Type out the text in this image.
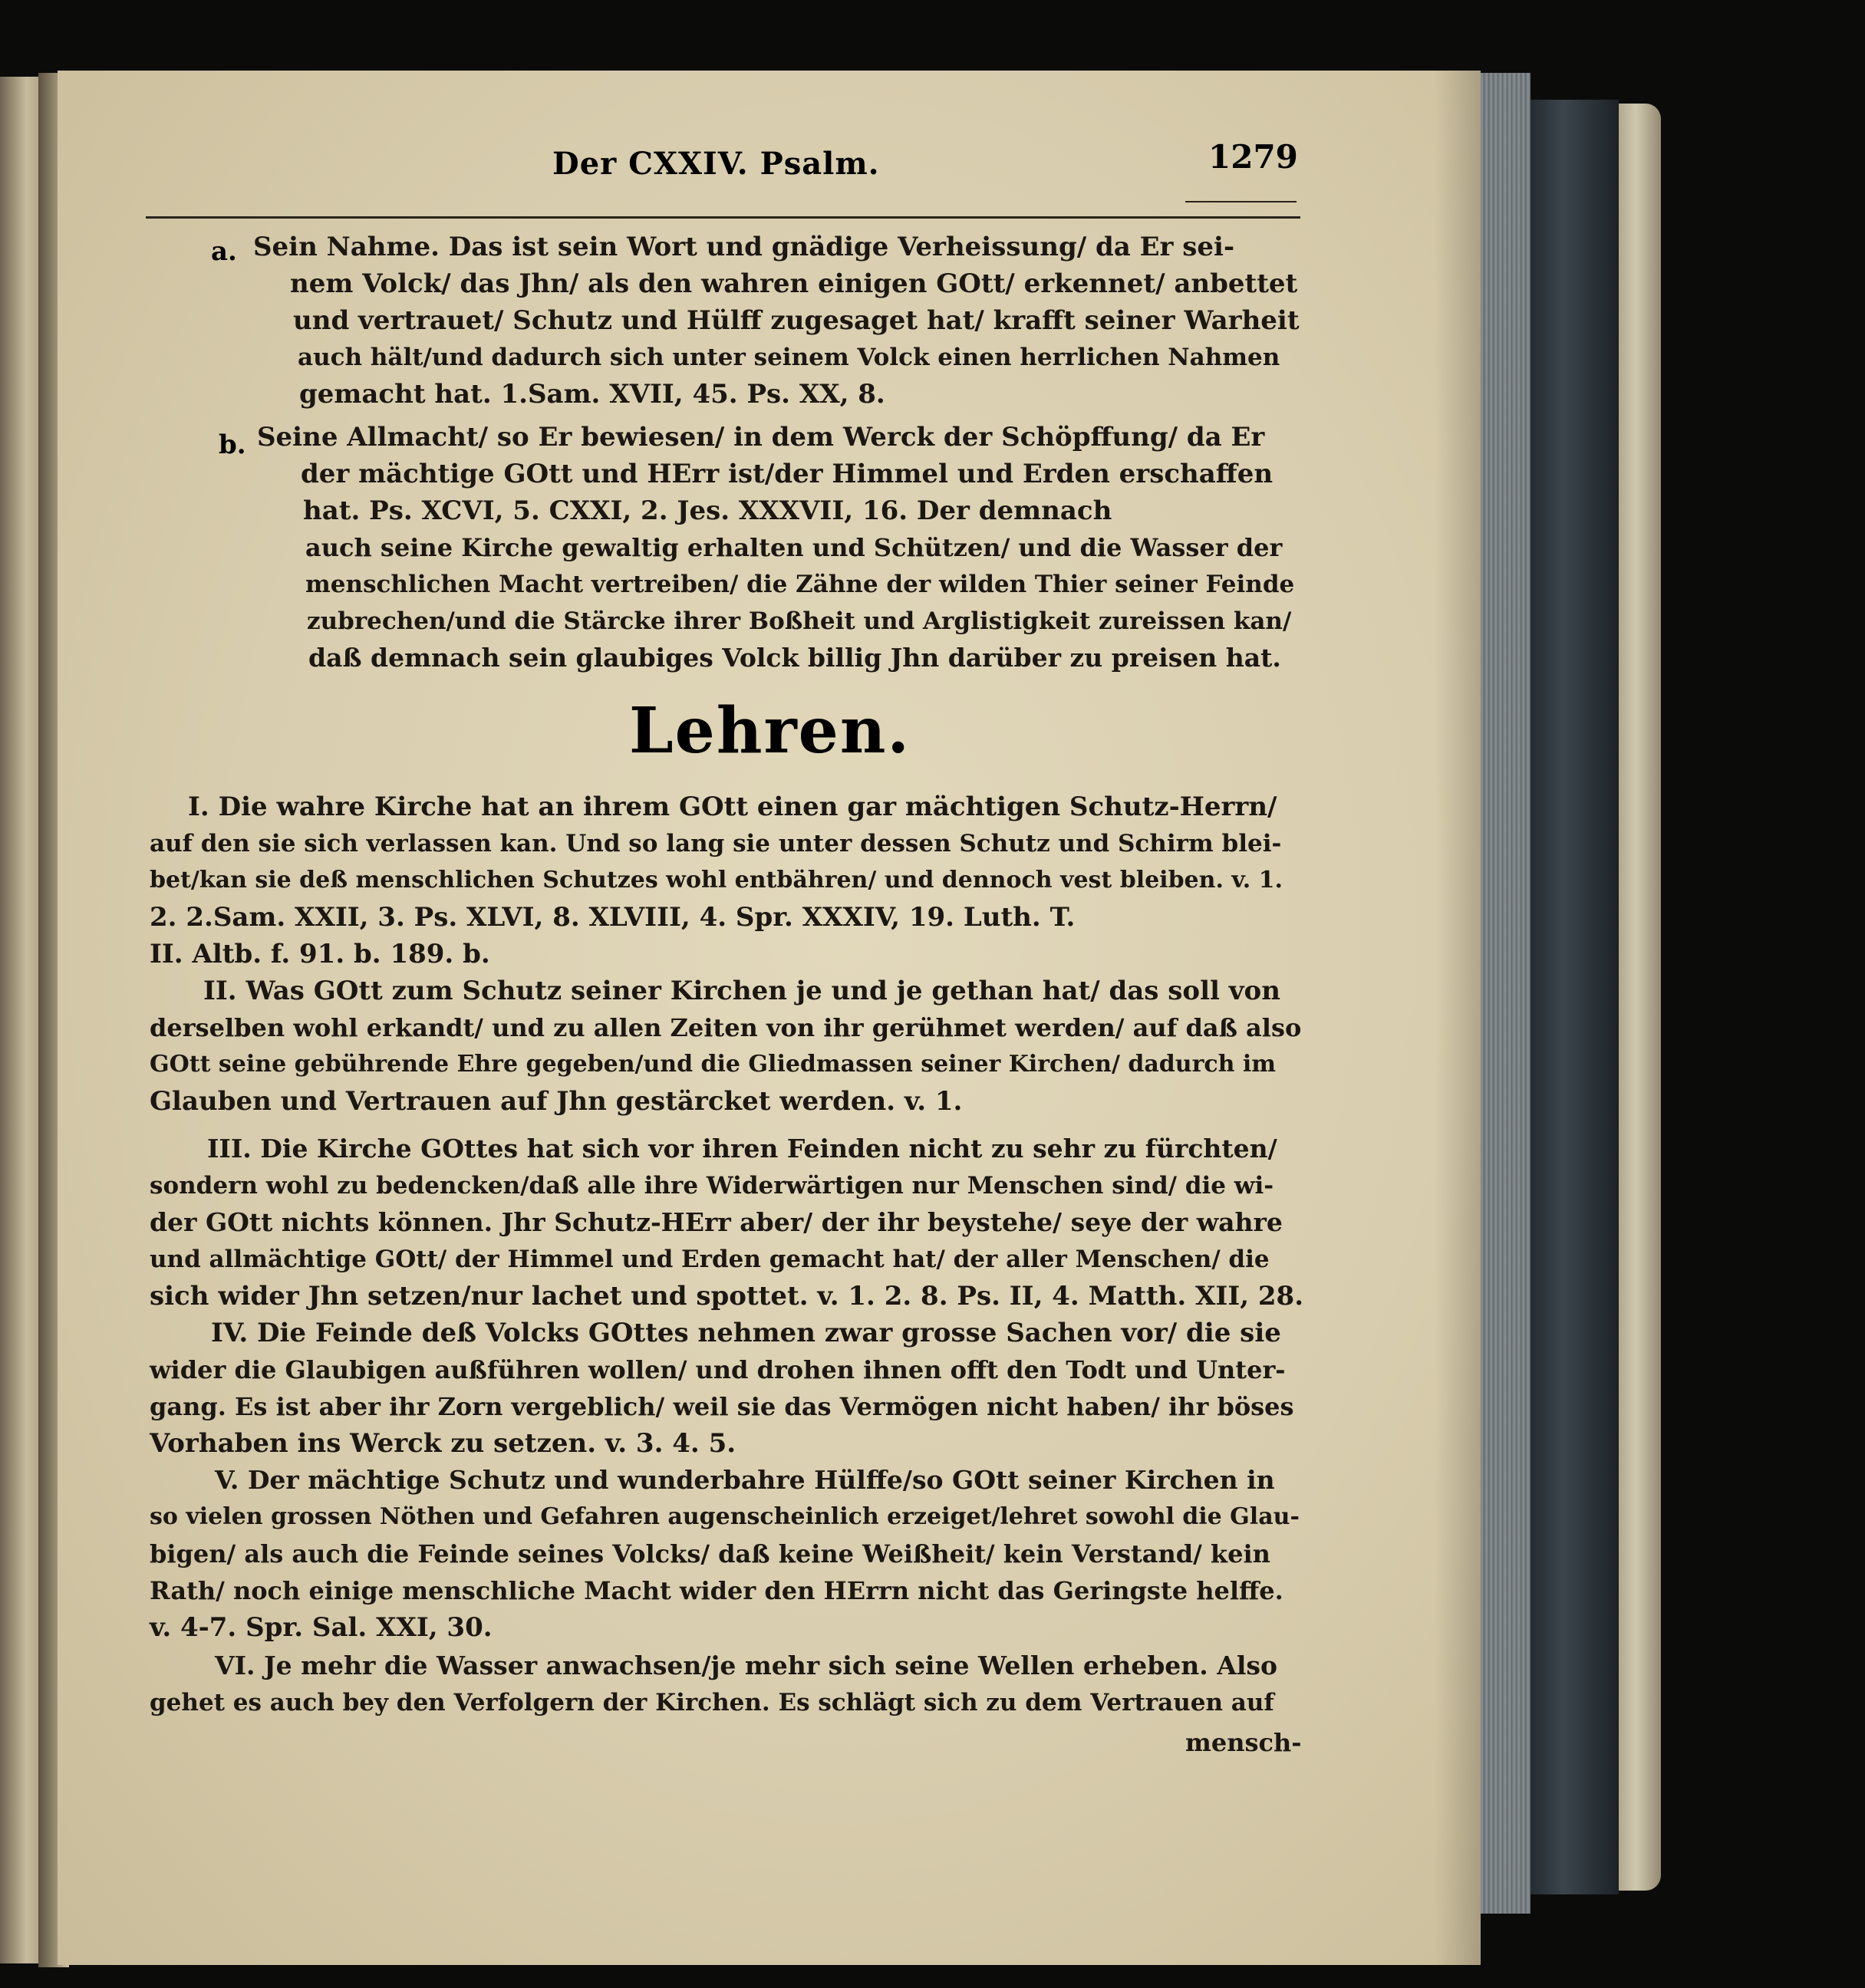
Der CXXIV. Psalm.	1279
a. Sein Nahme. Das ist sein Wort und gnädige Verheissung/ da Er sei-
nem Volck/ das Jhn/ als den wahren einigen GOtt/ erkennet/ anbettet
und vertrauet/ Schutz und Hülff zugesaget hat/ krafft seiner Warheit
auch hält/und dadurch sich unter seinem Volck einen herrlichen Nahmen
gemacht hat. 1.Sam. XVII, 45. Ps. XX, 8.
b. Seine Allmacht/ so Er bewiesen/ in dem Werck der Schöpffung/ da Er
der mächtige GOtt und HErr ist/der Himmel und Erden erschaffen
hat. Ps. XCVI, 5. CXXI, 2. Jes. XXXVII, 16. Der demnach
auch seine Kirche gewaltig erhalten und Schützen/ und die Wasser der
menschlichen Macht vertreiben/ die Zähne der wilden Thier seiner Feinde
zubrechen/und die Stärcke ihrer Boßheit und Arglistigkeit zureissen kan/
daß demnach sein glaubiges Volck billig Jhn darüber zu preisen hat.
Lehren.
I. Die wahre Kirche hat an ihrem GOtt einen gar mächtigen Schutz-Herrn/
auf den sie sich verlassen kan. Und so lang sie unter dessen Schutz und Schirm blei-
bet/kan sie deß menschlichen Schutzes wohl entbähren/ und dennoch vest bleiben. v. 1.
2. 2.Sam. XXII, 3. Ps. XLVI, 8. XLVIII, 4. Spr. XXXIV, 19. Luth. T.
II. Altb. f. 91. b. 189. b.
II. Was GOtt zum Schutz seiner Kirchen je und je gethan hat/ das soll von
derselben wohl erkandt/ und zu allen Zeiten von ihr gerühmet werden/ auf daß also
GOtt seine gebührende Ehre gegeben/und die Gliedmassen seiner Kirchen/ dadurch im
Glauben und Vertrauen auf Jhn gestärcket werden. v. 1.
III. Die Kirche GOttes hat sich vor ihren Feinden nicht zu sehr zu fürchten/
sondern wohl zu bedencken/daß alle ihre Widerwärtigen nur Menschen sind/ die wi-
der GOtt nichts können. Jhr Schutz-HErr aber/ der ihr beystehe/ seye der wahre
und allmächtige GOtt/ der Himmel und Erden gemacht hat/ der aller Menschen/ die
sich wider Jhn setzen/nur lachet und spottet. v. 1. 2. 8. Ps. II, 4. Matth. XII, 28.
IV. Die Feinde deß Volcks GOttes nehmen zwar grosse Sachen vor/ die sie
wider die Glaubigen außführen wollen/ und drohen ihnen offt den Todt und Unter-
gang. Es ist aber ihr Zorn vergeblich/ weil sie das Vermögen nicht haben/ ihr böses
Vorhaben ins Werck zu setzen. v. 3. 4. 5.
V. Der mächtige Schutz und wunderbahre Hülffe/so GOtt seiner Kirchen in
so vielen grossen Nöthen und Gefahren augenscheinlich erzeiget/lehret sowohl die Glau-
bigen/ als auch die Feinde seines Volcks/ daß keine Weißheit/ kein Verstand/ kein
Rath/ noch einige menschliche Macht wider den HErrn nicht das Geringste helffe.
v. 4-7. Spr. Sal. XXI, 30.
VI. Je mehr die Wasser anwachsen/je mehr sich seine Wellen erheben. Also
gehet es auch bey den Verfolgern der Kirchen. Es schlägt sich zu dem Vertrauen auf
mensch-
